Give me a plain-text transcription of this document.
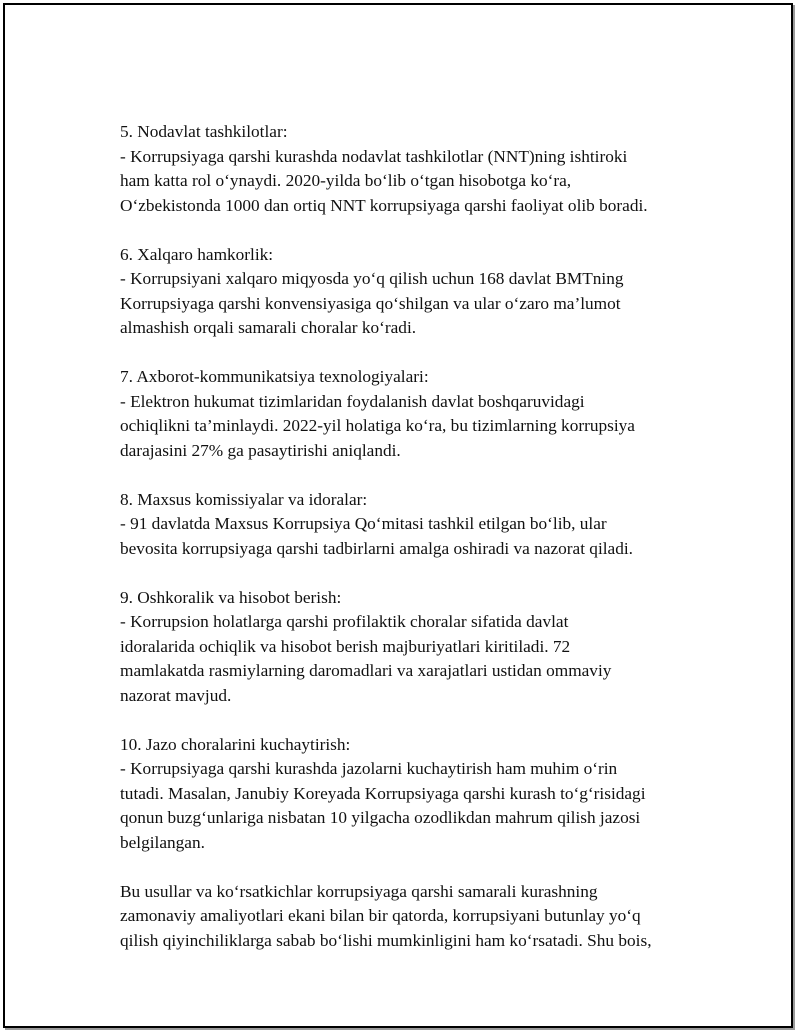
5. Nodavlat tashkilotlar:
- Korrupsiyaga qarshi kurashda nodavlat tashkilotlar (NNT)ning ishtiroki
ham katta rol o‘ynaydi. 2020-yilda bo‘lib o‘tgan hisobotga ko‘ra,
O‘zbekistonda 1000 dan ortiq NNT korrupsiyaga qarshi faoliyat olib boradi.
6. Xalqaro hamkorlik:
- Korrupsiyani xalqaro miqyosda yo‘q qilish uchun 168 davlat BMTning
Korrupsiyaga qarshi konvensiyasiga qo‘shilgan va ular o‘zaro ma’lumot
almashish orqali samarali choralar ko‘radi.
7. Axborot-kommunikatsiya texnologiyalari:
- Elektron hukumat tizimlaridan foydalanish davlat boshqaruvidagi
ochiqlikni ta’minlaydi. 2022-yil holatiga ko‘ra, bu tizimlarning korrupsiya
darajasini 27% ga pasaytirishi aniqlandi.
8. Maxsus komissiyalar va idoralar:
- 91 davlatda Maxsus Korrupsiya Qo‘mitasi tashkil etilgan bo‘lib, ular
bevosita korrupsiyaga qarshi tadbirlarni amalga oshiradi va nazorat qiladi.
9. Oshkoralik va hisobot berish:
- Korrupsion holatlarga qarshi profilaktik choralar sifatida davlat
idoralarida ochiqlik va hisobot berish majburiyatlari kiritiladi. 72
mamlakatda rasmiylarning daromadlari va xarajatlari ustidan ommaviy
nazorat mavjud.
10. Jazo choralarini kuchaytirish:
- Korrupsiyaga qarshi kurashda jazolarni kuchaytirish ham muhim o‘rin
tutadi. Masalan, Janubiy Koreyada Korrupsiyaga qarshi kurash to‘g‘risidagi
qonun buzg‘unlariga nisbatan 10 yilgacha ozodlikdan mahrum qilish jazosi
belgilangan.
Bu usullar va ko‘rsatkichlar korrupsiyaga qarshi samarali kurashning
zamonaviy amaliyotlari ekani bilan bir qatorda, korrupsiyani butunlay yo‘q
qilish qiyinchiliklarga sabab bo‘lishi mumkinligini ham ko‘rsatadi. Shu bois,
